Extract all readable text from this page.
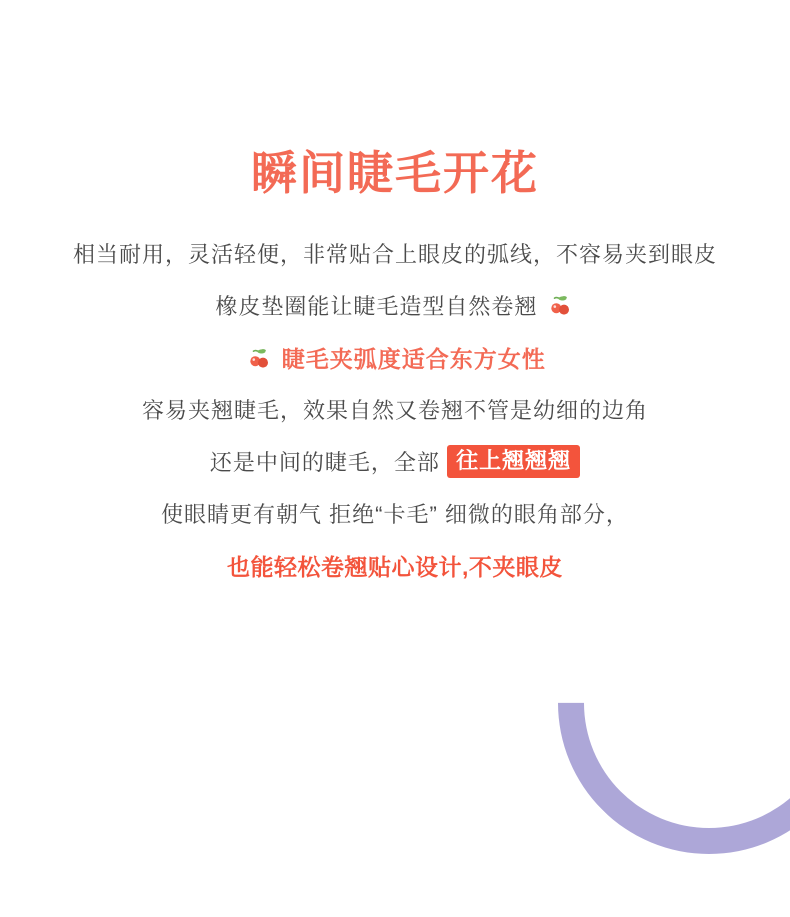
瞬间睫毛开花
相当耐用，灵活轻便，非常贴合上眼皮的弧线，不容易夹到眼皮
橡皮垫圈能让睫毛造型自然卷翘
睫毛夹弧度适合东方女性
容易夹翘睫毛，效果自然又卷翘不管是幼细的边角
还是中间的睫毛，全部 往上翘翘翘
使眼睛更有朝气 拒绝“卡毛” 细微的眼角部分，
也能轻松卷翘贴心设计,不夹眼皮
